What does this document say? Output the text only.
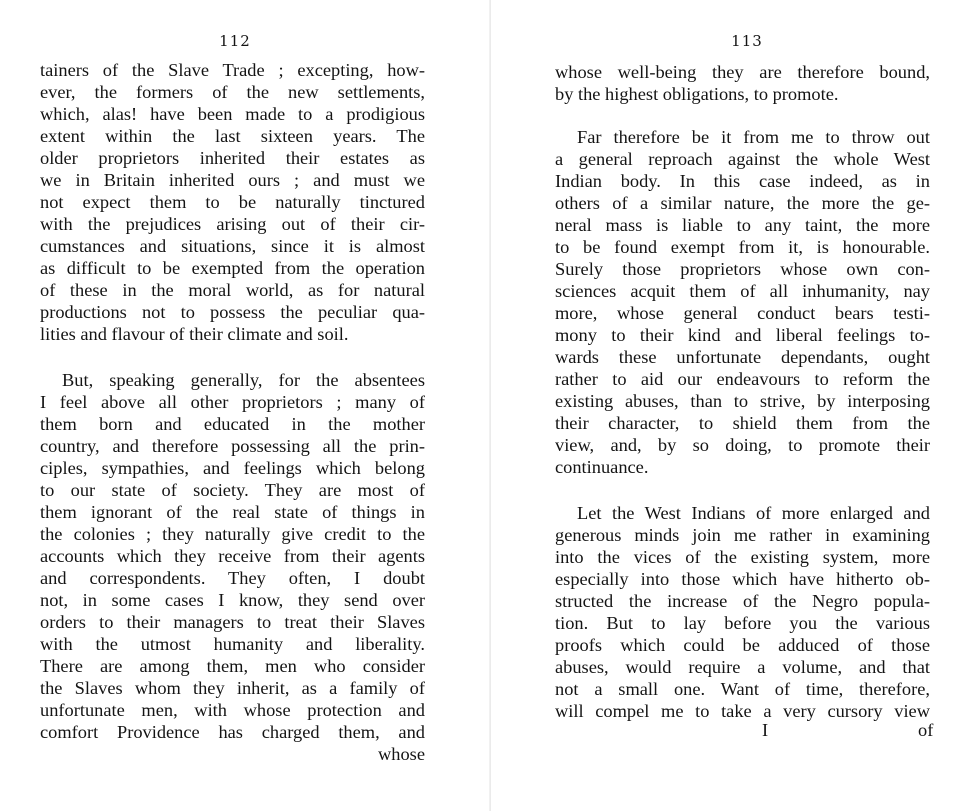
112
tainers of the Slave Trade ; excepting, how-
ever, the formers of the new settlements,
which, alas! have been made to a prodigious
extent within the last sixteen years. The
older proprietors inherited their estates as
we in Britain inherited ours ; and must we
not expect them to be naturally tinctured
with the prejudices arising out of their cir-
cumstances and situations, since it is almost
as difficult to be exempted from the operation
of these in the moral world, as for natural
productions not to possess the peculiar qua-
lities and flavour of their climate and soil.
But, speaking generally, for the absentees
I feel above all other proprietors ; many of
them born and educated in the mother
country, and therefore possessing all the prin-
ciples, sympathies, and feelings which belong
to our state of society. They are most of
them ignorant of the real state of things in
the colonies ; they naturally give credit to the
accounts which they receive from their agents
and correspondents. They often, I doubt
not, in some cases I know, they send over
orders to their managers to treat their Slaves
with the utmost humanity and liberality.
There are among them, men who consider
the Slaves whom they inherit, as a family of
unfortunate men, with whose protection and
comfort Providence has charged them, and
whose
113
whose well-being they are therefore bound,
by the highest obligations, to promote.
Far therefore be it from me to throw out
a general reproach against the whole West
Indian body. In this case indeed, as in
others of a similar nature, the more the ge-
neral mass is liable to any taint, the more
to be found exempt from it, is honourable.
Surely those proprietors whose own con-
sciences acquit them of all inhumanity, nay
more, whose general conduct bears testi-
mony to their kind and liberal feelings to-
wards these unfortunate dependants, ought
rather to aid our endeavours to reform the
existing abuses, than to strive, by interposing
their character, to shield them from the
view, and, by so doing, to promote their
continuance.
Let the West Indians of more enlarged and
generous minds join me rather in examining
into the vices of the existing system, more
especially into those which have hitherto ob-
structed the increase of the Negro popula-
tion. But to lay before you the various
proofs which could be adduced of those
abuses, would require a volume, and that
not a small one. Want of time, therefore,
will compel me to take a very cursory view
I	of
